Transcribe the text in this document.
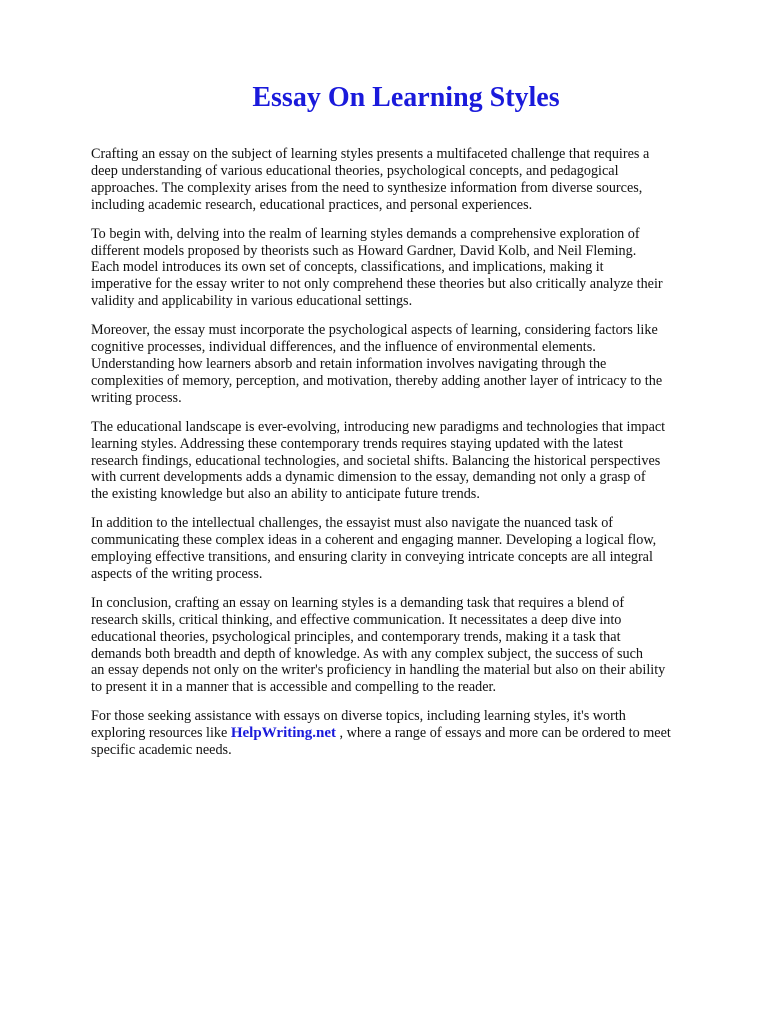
Essay On Learning Styles

Crafting an essay on the subject of learning styles presents a multifaceted challenge that requires a
deep understanding of various educational theories, psychological concepts, and pedagogical
approaches. The complexity arises from the need to synthesize information from diverse sources,
including academic research, educational practices, and personal experiences.

To begin with, delving into the realm of learning styles demands a comprehensive exploration of
different models proposed by theorists such as Howard Gardner, David Kolb, and Neil Fleming.
Each model introduces its own set of concepts, classifications, and implications, making it
imperative for the essay writer to not only comprehend these theories but also critically analyze their
validity and applicability in various educational settings.

Moreover, the essay must incorporate the psychological aspects of learning, considering factors like
cognitive processes, individual differences, and the influence of environmental elements.
Understanding how learners absorb and retain information involves navigating through the
complexities of memory, perception, and motivation, thereby adding another layer of intricacy to the
writing process.

The educational landscape is ever-evolving, introducing new paradigms and technologies that impact
learning styles. Addressing these contemporary trends requires staying updated with the latest
research findings, educational technologies, and societal shifts. Balancing the historical perspectives
with current developments adds a dynamic dimension to the essay, demanding not only a grasp of
the existing knowledge but also an ability to anticipate future trends.

In addition to the intellectual challenges, the essayist must also navigate the nuanced task of
communicating these complex ideas in a coherent and engaging manner. Developing a logical flow,
employing effective transitions, and ensuring clarity in conveying intricate concepts are all integral
aspects of the writing process.

In conclusion, crafting an essay on learning styles is a demanding task that requires a blend of
research skills, critical thinking, and effective communication. It necessitates a deep dive into
educational theories, psychological principles, and contemporary trends, making it a task that
demands both breadth and depth of knowledge. As with any complex subject, the success of such
an essay depends not only on the writer's proficiency in handling the material but also on their ability
to present it in a manner that is accessible and compelling to the reader.

For those seeking assistance with essays on diverse topics, including learning styles, it's worth
exploring resources like HelpWriting.net , where a range of essays and more can be ordered to meet
specific academic needs.
